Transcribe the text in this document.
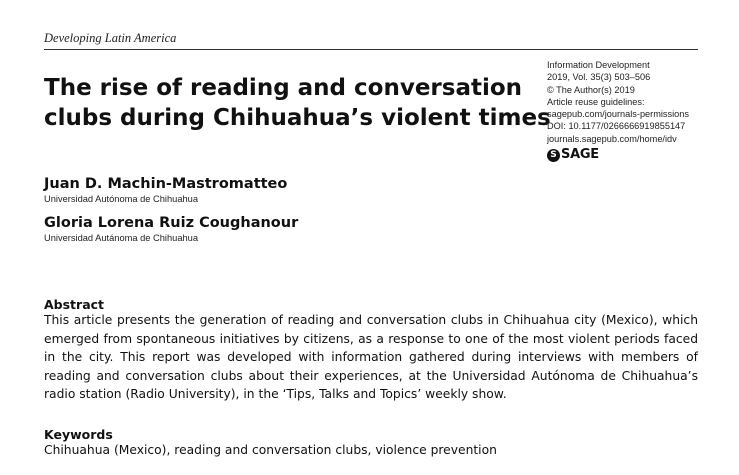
Developing Latin America
The rise of reading and conversation
clubs during Chihuahua’s violent times
Information Development
2019, Vol. 35(3) 503–506
© The Author(s) 2019
Article reuse guidelines:
sagepub.com/journals-permissions
DOI: 10.1177/0266666919855147
journals.sagepub.com/home/idv
S SAGE
Juan D. Machin-Mastromatteo
Universidad Autónoma de Chihuahua
Gloria Lorena Ruiz Coughanour
Universidad Autánoma de Chihuahua
Abstract

This article presents the generation of reading and conversation clubs in Chihuahua city (Mexico), which emerged from spontaneous initiatives by citizens, as a response to one of the most violent periods faced in the city. This report was developed with information gathered during interviews with members of reading and conversation clubs about their experiences, at the Universidad Autónoma de Chihuahua’s radio station (Radio University), in the ‘Tips, Talks and Topics’ weekly show.

Keywords
Chihuahua (Mexico), reading and conversation clubs, violence prevention
